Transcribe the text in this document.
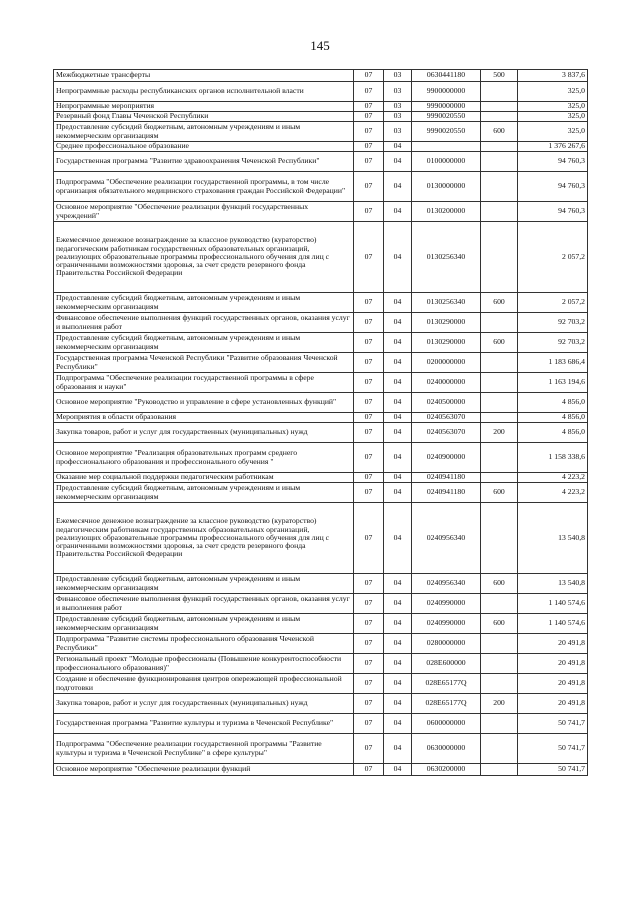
145
Межбюджетные трансферты	07	03	0630441180	500	3 837,6
Непрограммные расходы республиканских органов исполнительной власти	07	03	9900000000		325,0
Непрограммные мероприятия	07	03	9990000000		325,0
Резервный фонд Главы Чеченской Республики	07	03	9990020550		325,0
Предоставление субсидий бюджетным, автономным учреждениям и иным некоммерческим организациям	07	03	9990020550	600	325,0
Среднее профессиональное образование	07	04			1 376 267,6
Государственная программа "Развитие здравоохранения Чеченской Республики"	07	04	0100000000		94 760,3
Подпрограмма "Обеспечение реализации государственной программы, в том числе организация обязательного медицинского страхования граждан Российской Федерации"	07	04	0130000000		94 760,3
Основное мероприятие "Обеспечение реализации функций государственных учреждений"	07	04	0130200000		94 760,3
Ежемесячное денежное вознаграждение за классное руководство (кураторство) педагогическим работникам государственных образовательных организаций, реализующих образовательные программы профессионального обучения для лиц с ограниченными возможностями здоровья, за счет средств резервного фонда Правительства Российской Федерации	07	04	0130256340		2 057,2
Предоставление субсидий бюджетным, автономным учреждениям и иным некоммерческим организациям	07	04	0130256340	600	2 057,2
Финансовое обеспечение выполнения функций государственных органов, оказания услуг и выполнения работ	07	04	0130290000		92 703,2
Предоставление субсидий бюджетным, автономным учреждениям и иным некоммерческим организациям	07	04	0130290000	600	92 703,2
Государственная программа Чеченской Республики "Развитие образования Чеченской Республики"	07	04	0200000000		1 183 686,4
Подпрограмма "Обеспечение реализации государственной программы в сфере образования и науки"	07	04	0240000000		1 163 194,6
Основное мероприятие "Руководство и управление в сфере установленных функций"	07	04	0240500000		4 856,0
Мероприятия в области образования	07	04	0240563070		4 856,0
Закупка товаров, работ и услуг для государственных (муниципальных) нужд	07	04	0240563070	200	4 856,0
Основное мероприятие "Реализация образовательных программ среднего профессионального образования и профессионального обучения "	07	04	0240900000		1 158 338,6
Оказание мер социальной поддержки педагогическим работникам	07	04	0240941180		4 223,2
Предоставление субсидий бюджетным, автономным учреждениям и иным некоммерческим организациям	07	04	0240941180	600	4 223,2
Ежемесячное денежное вознаграждение за классное руководство (кураторство) педагогическим работникам государственных образовательных организаций, реализующих образовательные программы профессионального обучения для лиц с ограниченными возможностями здоровья, за счет средств резервного фонда Правительства Российской Федерации	07	04	0240956340		13 540,8
Предоставление субсидий бюджетным, автономным учреждениям и иным некоммерческим организациям	07	04	0240956340	600	13 540,8
Финансовое обеспечение выполнения функций государственных органов, оказания услуг и выполнения работ	07	04	0240990000		1 140 574,6
Предоставление субсидий бюджетным, автономным учреждениям и иным некоммерческим организациям	07	04	0240990000	600	1 140 574,6
Подпрограмма "Развитие системы профессионального образования Чеченской Республики"	07	04	0280000000		20 491,8
Региональный проект "Молодые профессионалы (Повышение конкурентоспособности профессионального образования)"	07	04	028E600000		20 491,8
Создание и обеспечение функционирования центров опережающей профессиональной подготовки	07	04	028E65177Q		20 491,8
Закупка товаров, работ и услуг для государственных (муниципальных) нужд	07	04	028E65177Q	200	20 491,8
Государственная программа "Развитие культуры и туризма в Чеченской Республике"	07	04	0600000000		50 741,7
Подпрограмма "Обеспечение реализации государственной программы "Развитие культуры и туризма в Чеченской Республике" в сфере культуры"	07	04	0630000000		50 741,7
Основное мероприятие "Обеспечение реализации функций	07	04	0630200000		50 741,7
